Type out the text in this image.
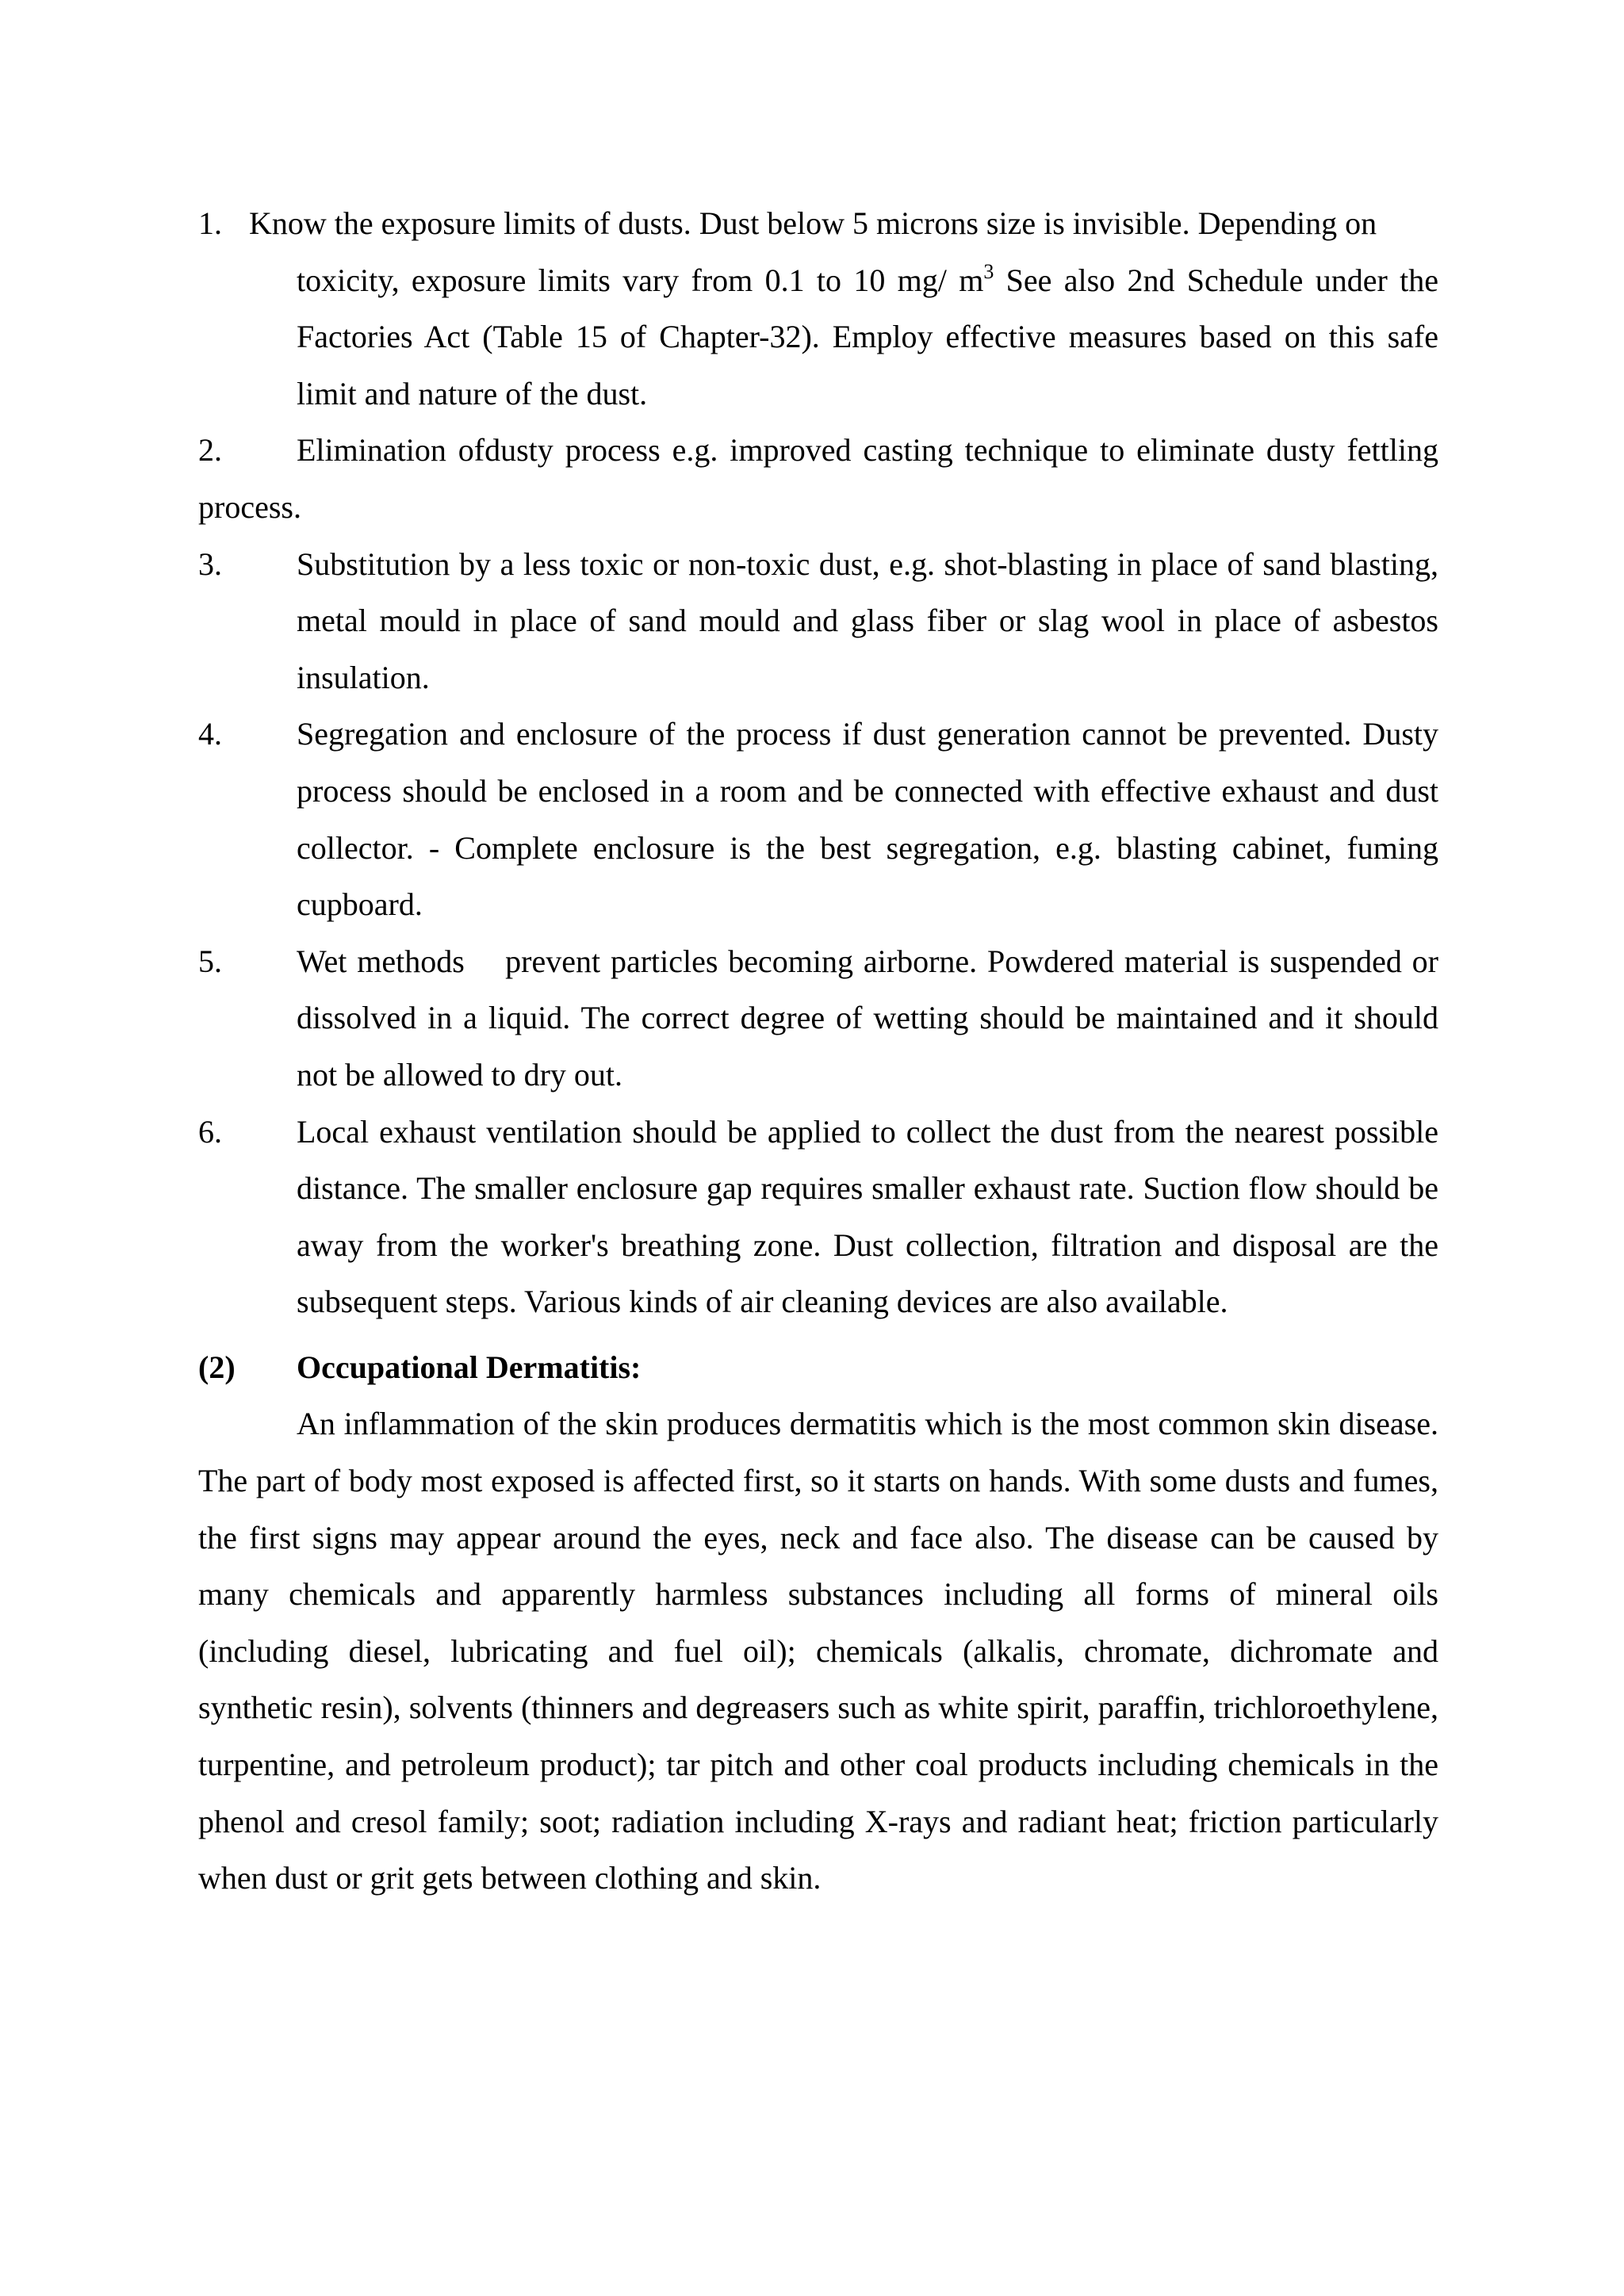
1. Know the exposure limits of dusts. Dust below 5 microns size is invisible. Depending on
toxicity, exposure limits vary from 0.1 to 10 mg/ $m^3$ See also 2nd Schedule under the Factories Act (Table 15 of Chapter-32). Employ effective measures based on this safe limit and nature of the dust.
2. Elimination ofdusty process e.g. improved casting technique to eliminate dusty fettling process.
3. Substitution by a less toxic or non-toxic dust, e.g. shot-blasting in place of sand blasting, metal mould in place of sand mould and glass fiber or slag wool in place of asbestos insulation.
4. Segregation and enclosure of the process if dust generation cannot be prevented. Dusty process should be enclosed in a room and be connected with effective exhaust and dust collector. - Complete enclosure is the best segregation, e.g. blasting cabinet, fuming cupboard.
5. Wet methods    prevent particles becoming airborne. Powdered material is suspended or dissolved in a liquid. The correct degree of wetting should be maintained and it should not be allowed to dry out.
6. Local exhaust ventilation should be applied to collect the dust from the nearest possible distance. The smaller enclosure gap requires smaller exhaust rate. Suction flow should be away from the worker's breathing zone. Dust collection, filtration and disposal are the subsequent steps. Various kinds of air cleaning devices are also available.
(2) Occupational Dermatitis:
An inflammation of the skin produces dermatitis which is the most common skin disease. The part of body most exposed is affected first, so it starts on hands. With some dusts and fumes, the first signs may appear around the eyes, neck and face also. The disease can be caused by many chemicals and apparently harmless substances including all forms of mineral oils (including diesel, lubricating and fuel oil); chemicals (alkalis, chromate, dichromate and synthetic resin), solvents (thinners and degreasers such as white spirit, paraffin, trichloroethylene, turpentine, and petroleum product); tar pitch and other coal products including chemicals in the phenol and cresol family; soot; radiation including X-rays and radiant heat; friction particularly when dust or grit gets between clothing and skin.
